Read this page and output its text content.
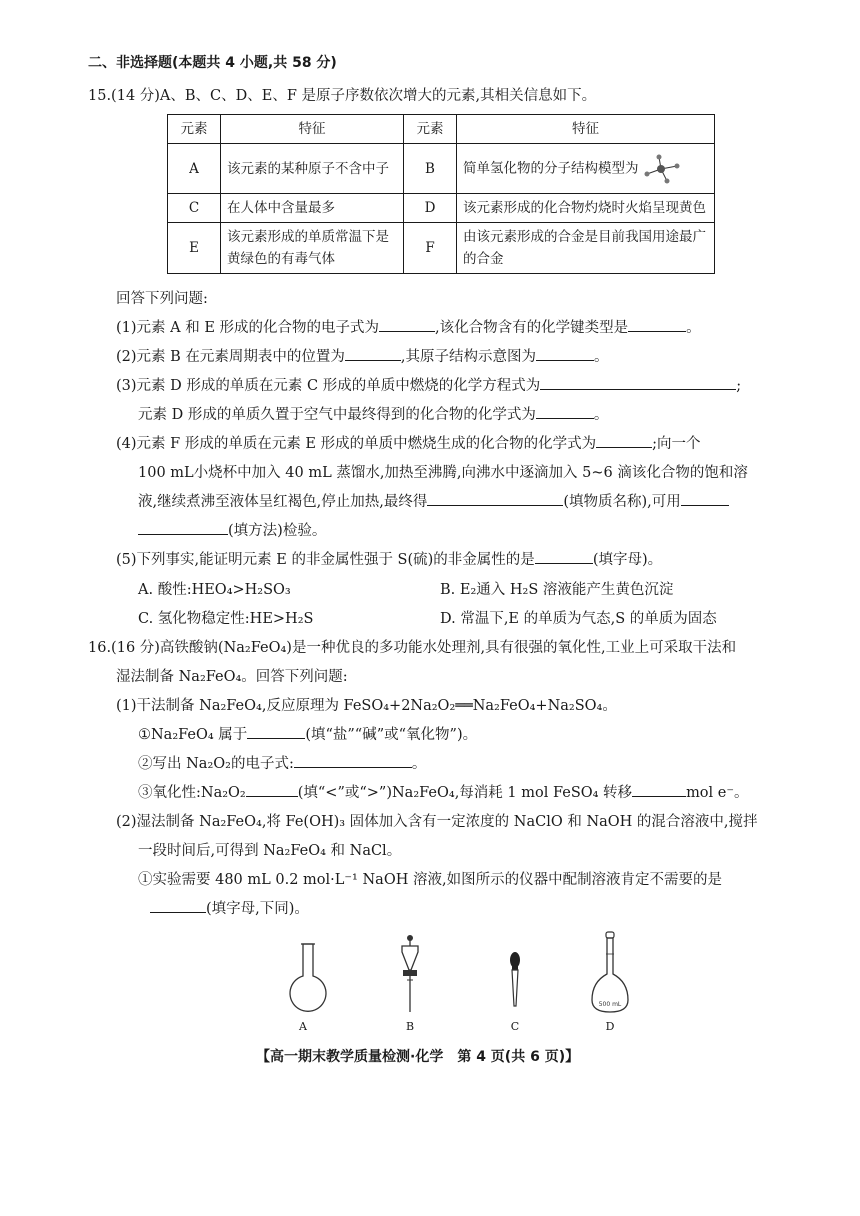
二、非选择题(本题共 4 小题,共 58 分)
15.(14 分)A、B、C、D、E、F 是原子序数依次增大的元素,其相关信息如下。
元素	特征	元素	特征
A	该元素的某种原子不含中子	B	简单氢化物的分子结构模型为
C	在人体中含量最多	D	该元素形成的化合物灼烧时火焰呈现黄色
E	该元素形成的单质常温下是黄绿色的有毒气体	F	由该元素形成的合金是目前我国用途最广的合金
回答下列问题:
(1)元素 A 和 E 形成的化合物的电子式为	,该化合物含有的化学键类型是	。
(2)元素 B 在元素周期表中的位置为	,其原子结构示意图为	。
(3)元素 D 形成的单质在元素 C 形成的单质中燃烧的化学方程式为	;
元素 D 形成的单质久置于空气中最终得到的化合物的化学式为	。
(4)元素 F 形成的单质在元素 E 形成的单质中燃烧生成的化合物的化学式为	;向一个
100 mL小烧杯中加入 40 mL 蒸馏水,加热至沸腾,向沸水中逐滴加入 5~6 滴该化合物的饱和溶
液,继续煮沸至液体呈红褐色,停止加热,最终得	(填物质名称),可用
(填方法)检验。
(5)下列事实,能证明元素 E 的非金属性强于 S(硫)的非金属性的是	(填字母)。
A. 酸性:HEO₄>H₂SO₃	B. E₂通入 H₂S 溶液能产生黄色沉淀
C. 氢化物稳定性:HE>H₂S	D. 常温下,E 的单质为气态,S 的单质为固态
16.(16 分)高铁酸钠(Na₂FeO₄)是一种优良的多功能水处理剂,具有很强的氧化性,工业上可采取干法和
湿法制备 Na₂FeO₄。回答下列问题:
(1)干法制备 Na₂FeO₄,反应原理为 FeSO₄+2Na₂O₂══Na₂FeO₄+Na₂SO₄。
①Na₂FeO₄ 属于	(填“盐”“碱”或“氧化物”)。
②写出 Na₂O₂的电子式:	。
③氧化性:Na₂O₂	(填“<”或“>”)Na₂FeO₄,每消耗 1 mol FeSO₄ 转移	mol e⁻。
(2)湿法制备 Na₂FeO₄,将 Fe(OH)₃ 固体加入含有一定浓度的 NaClO 和 NaOH 的混合溶液中,搅拌
一段时间后,可得到 Na₂FeO₄ 和 NaCl。
①实验需要 480 mL 0.2 mol·L⁻¹ NaOH 溶液,如图所示的仪器中配制溶液肯定不需要的是
(填字母,下同)。
500 mL
A	B	C	D
【高一期末教学质量检测·化学　第 4 页(共 6 页)】
